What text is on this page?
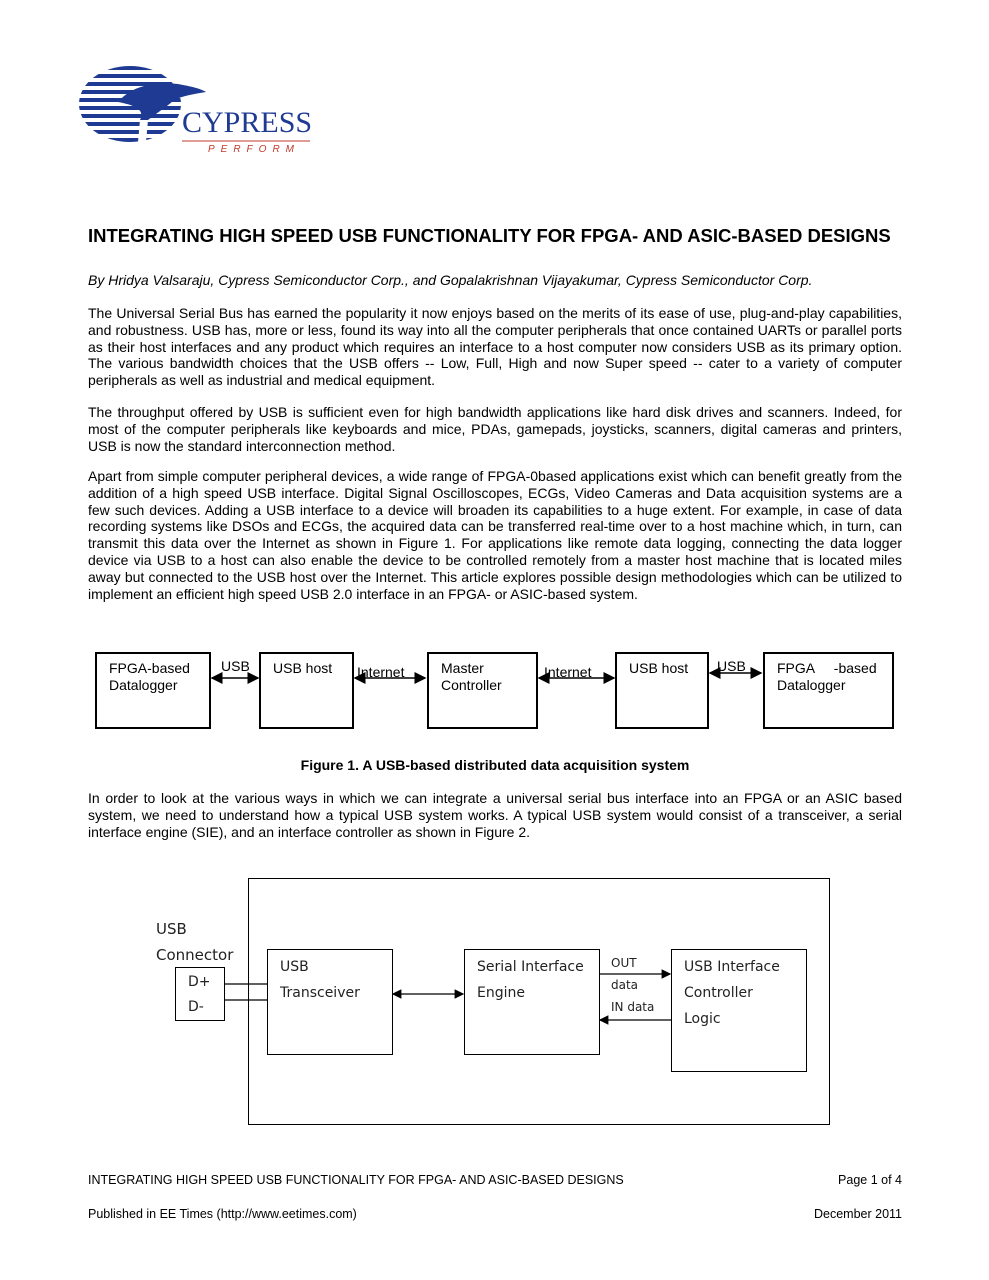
CYPRESS
PERFORM
INTEGRATING HIGH SPEED USB FUNCTIONALITY FOR FPGA- AND ASIC-BASED DESIGNS

By Hridya Valsaraju, Cypress Semiconductor Corp., and Gopalakrishnan Vijayakumar, Cypress Semiconductor Corp.

The Universal Serial Bus has earned the popularity it now enjoys based on the merits of its ease of use, plug-and-play capabilities, and robustness. USB has, more or less, found its way into all the computer peripherals that once contained UARTs or parallel ports as their host interfaces and any product which requires an interface to a host computer now considers USB as its primary option. The various bandwidth choices that the USB offers -- Low, Full, High and now Super speed -- cater to a variety of computer peripherals as well as industrial and medical equipment.

The throughput offered by USB is sufficient even for high bandwidth applications like hard disk drives and scanners. Indeed, for most of the computer peripherals like keyboards and mice, PDAs, gamepads, joysticks, scanners, digital cameras and printers, USB is now the standard interconnection method.

Apart from simple computer peripheral devices, a wide range of FPGA-0based applications exist which can benefit greatly from the addition of a high speed USB interface. Digital Signal Oscilloscopes, ECGs, Video Cameras and Data acquisition systems are a few such devices. Adding a USB interface to a device will broaden its capabilities to a huge extent. For example, in case of data recording systems like DSOs and ECGs, the acquired data can be transferred real-time over to a host machine which, in turn, can transmit this data over the Internet as shown in Figure 1. For applications like remote data logging, connecting the data logger device via USB to a host can also enable the device to be controlled remotely from a master host machine that is located miles away but connected to the USB host over the Internet. This article explores possible design methodologies which can be utilized to implement an efficient high speed USB 2.0 interface in an FPGA- or ASIC-based system.

FPGA-based
Datalogger
USB host	Master
Controller
USB host	FPGA     -based
Datalogger
USB	Internet	Internet	USB

Figure 1. A USB-based distributed data acquisition system

In order to look at the various ways in which we can integrate a universal serial bus interface into an FPGA or an ASIC based system, we need to understand how a typical USB system works. A typical USB system would consist of a transceiver, a serial interface engine (SIE), and an interface controller as shown in Figure 2.

USB
Connector
D+
D-
USB
Transceiver
Serial Interface
Engine
USB Interface
Controller
Logic
OUT
data
IN data
INTEGRATING HIGH SPEED USB FUNCTIONALITY FOR FPGA- AND ASIC-BASED DESIGNS	Page 1 of 4
Published in EE Times (http://www.eetimes.com)	December 2011
